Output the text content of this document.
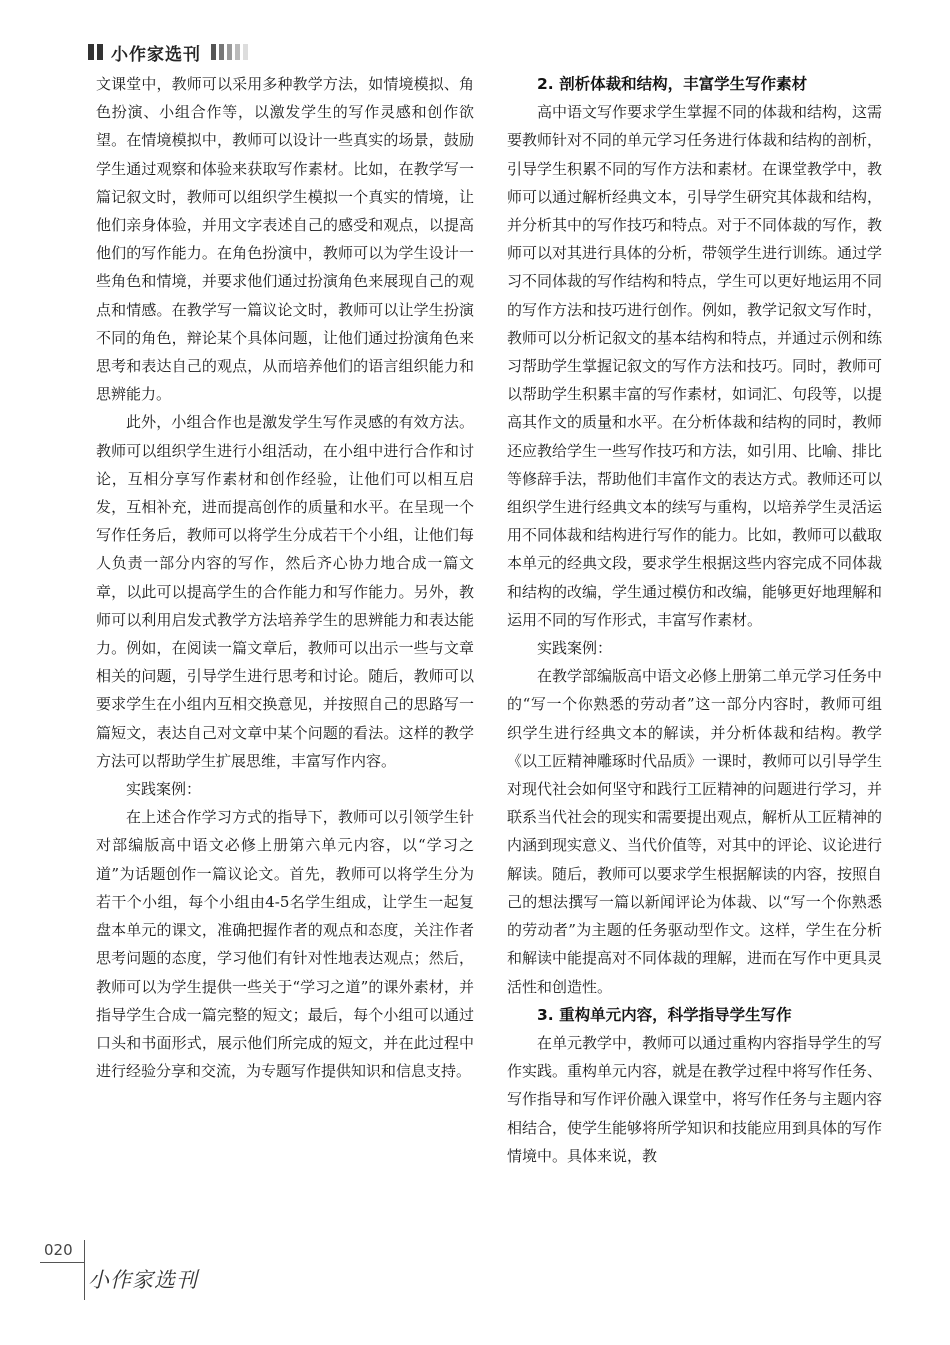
小作家选刊

文课堂中，教师可以采用多种教学方法，如情境模拟、角色扮演、小组合作等，以激发学生的写作灵感和创作欲望。在情境模拟中，教师可以设计一些真实的场景，鼓励学生通过观察和体验来获取写作素材。比如，在教学写一篇记叙文时，教师可以组织学生模拟一个真实的情境，让他们亲身体验，并用文字表述自己的感受和观点，以提高他们的写作能力。在角色扮演中，教师可以为学生设计一些角色和情境，并要求他们通过扮演角色来展现自己的观点和情感。在教学写一篇议论文时，教师可以让学生扮演不同的角色，辩论某个具体问题，让他们通过扮演角色来思考和表达自己的观点，从而培养他们的语言组织能力和思辨能力。

此外，小组合作也是激发学生写作灵感的有效方法。教师可以组织学生进行小组活动，在小组中进行合作和讨论，互相分享写作素材和创作经验，让他们可以相互启发，互相补充，进而提高创作的质量和水平。在呈现一个写作任务后，教师可以将学生分成若干个小组，让他们每人负责一部分内容的写作，然后齐心协力地合成一篇文章，以此可以提高学生的合作能力和写作能力。另外，教师可以利用启发式教学方法培养学生的思辨能力和表达能力。例如，在阅读一篇文章后，教师可以出示一些与文章相关的问题，引导学生进行思考和讨论。随后，教师可以要求学生在小组内互相交换意见，并按照自己的思路写一篇短文，表达自己对文章中某个问题的看法。这样的教学方法可以帮助学生扩展思维，丰富写作内容。

实践案例：

在上述合作学习方式的指导下，教师可以引领学生针对部编版高中语文必修上册第六单元内容，以“学习之道”为话题创作一篇议论文。首先，教师可以将学生分为若干个小组，每个小组由4-5名学生组成，让学生一起复盘本单元的课文，准确把握作者的观点和态度，关注作者思考问题的态度，学习他们有针对性地表达观点；然后，教师可以为学生提供一些关于“学习之道”的课外素材，并指导学生合成一篇完整的短文；最后，每个小组可以通过口头和书面形式，展示他们所完成的短文，并在此过程中进行经验分享和交流，为专题写作提供知识和信息支持。

2. 剖析体裁和结构，丰富学生写作素材

高中语文写作要求学生掌握不同的体裁和结构，这需要教师针对不同的单元学习任务进行体裁和结构的剖析，引导学生积累不同的写作方法和素材。在课堂教学中，教师可以通过解析经典文本，引导学生研究其体裁和结构，并分析其中的写作技巧和特点。对于不同体裁的写作，教师可以对其进行具体的分析，带领学生进行训练。通过学习不同体裁的写作结构和特点，学生可以更好地运用不同的写作方法和技巧进行创作。例如，教学记叙文写作时，教师可以分析记叙文的基本结构和特点，并通过示例和练习帮助学生掌握记叙文的写作方法和技巧。同时，教师可以帮助学生积累丰富的写作素材，如词汇、句段等，以提高其作文的质量和水平。在分析体裁和结构的同时，教师还应教给学生一些写作技巧和方法，如引用、比喻、排比等修辞手法，帮助他们丰富作文的表达方式。教师还可以组织学生进行经典文本的续写与重构，以培养学生灵活运用不同体裁和结构进行写作的能力。比如，教师可以截取本单元的经典文段，要求学生根据这些内容完成不同体裁和结构的改编，学生通过模仿和改编，能够更好地理解和运用不同的写作形式，丰富写作素材。

实践案例：

在教学部编版高中语文必修上册第二单元学习任务中的“写一个你熟悉的劳动者”这一部分内容时，教师可组织学生进行经典文本的解读，并分析体裁和结构。教学《以工匠精神雕琢时代品质》一课时，教师可以引导学生对现代社会如何坚守和践行工匠精神的问题进行学习，并联系当代社会的现实和需要提出观点，解析从工匠精神的内涵到现实意义、当代价值等，对其中的评论、议论进行解读。随后，教师可以要求学生根据解读的内容，按照自己的想法撰写一篇以新闻评论为体裁、以“写一个你熟悉的劳动者”为主题的任务驱动型作文。这样，学生在分析和解读中能提高对不同体裁的理解，进而在写作中更具灵活性和创造性。

3. 重构单元内容，科学指导学生写作

在单元教学中，教师可以通过重构内容指导学生的写作实践。重构单元内容，就是在教学过程中将写作任务、写作指导和写作评价融入课堂中，将写作任务与主题内容相结合，使学生能够将所学知识和技能应用到具体的写作情境中。具体来说，教

020
小作家选刊
